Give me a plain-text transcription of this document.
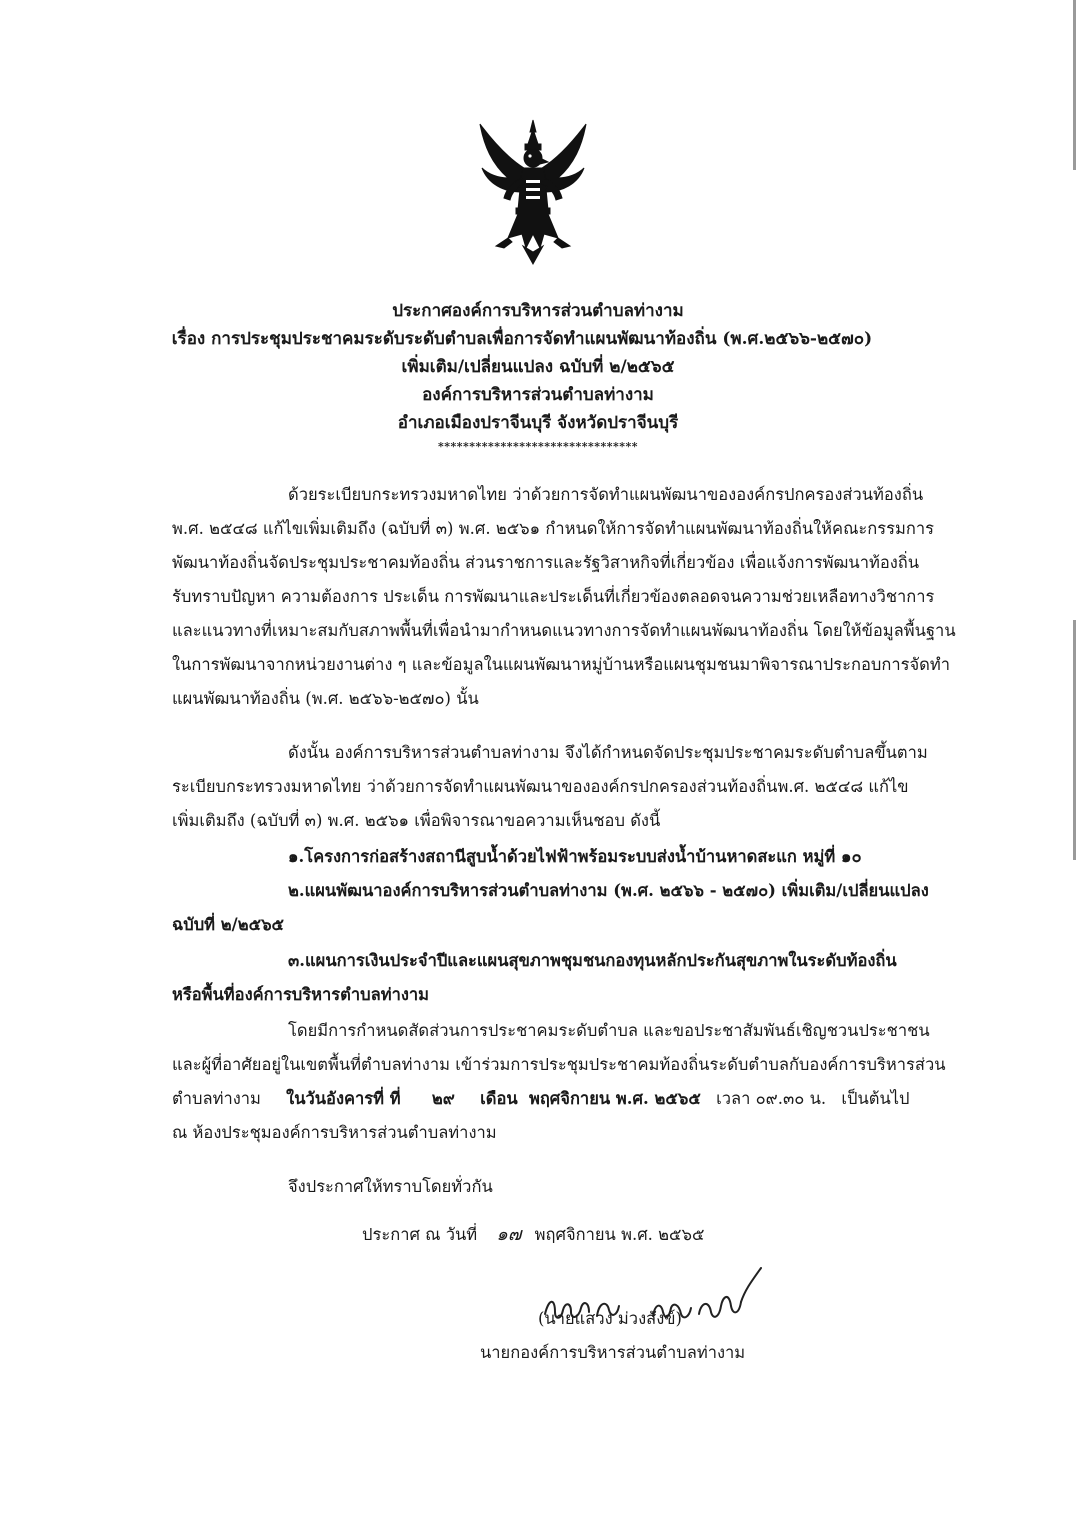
ประกาศองค์การบริหารส่วนตำบลท่างาม
เรื่อง การประชุมประชาคมระดับระดับตำบลเพื่อการจัดทำแผนพัฒนาท้องถิ่น (พ.ศ.๒๕๖๖-๒๕๗๐)
เพิ่มเติม/เปลี่ยนแปลง ฉบับที่ ๒/๒๕๖๕
องค์การบริหารส่วนตำบลท่างาม
อำเภอเมืองปราจีนบุรี จังหวัดปราจีนบุรี
********************************
ด้วยระเบียบกระทรวงมหาดไทย ว่าด้วยการจัดทำแผนพัฒนาขององค์กรปกครองส่วนท้องถิ่น
พ.ศ. ๒๕๔๘ แก้ไขเพิ่มเติมถึง (ฉบับที่ ๓) พ.ศ. ๒๕๖๑ กำหนดให้การจัดทำแผนพัฒนาท้องถิ่นให้คณะกรรมการ
พัฒนาท้องถิ่นจัดประชุมประชาคมท้องถิ่น ส่วนราชการและรัฐวิสาหกิจที่เกี่ยวข้อง เพื่อแจ้งการพัฒนาท้องถิ่น
รับทราบปัญหา ความต้องการ ประเด็น การพัฒนาและประเด็นที่เกี่ยวข้องตลอดจนความช่วยเหลือทางวิชาการ
และแนวทางที่เหมาะสมกับสภาพพื้นที่เพื่อนำมากำหนดแนวทางการจัดทำแผนพัฒนาท้องถิ่น โดยให้ข้อมูลพื้นฐาน
ในการพัฒนาจากหน่วยงานต่าง ๆ และข้อมูลในแผนพัฒนาหมู่บ้านหรือแผนชุมชนมาพิจารณาประกอบการจัดทำ
แผนพัฒนาท้องถิ่น (พ.ศ. ๒๕๖๖-๒๕๗๐) นั้น
ดังนั้น องค์การบริหารส่วนตำบลท่างาม จึงได้กำหนดจัดประชุมประชาคมระดับตำบลขึ้นตาม
ระเบียบกระทรวงมหาดไทย ว่าด้วยการจัดทำแผนพัฒนาขององค์กรปกครองส่วนท้องถิ่นพ.ศ. ๒๕๔๘ แก้ไข
เพิ่มเติมถึง (ฉบับที่ ๓) พ.ศ. ๒๕๖๑ เพื่อพิจารณาขอความเห็นชอบ ดังนี้
๑.โครงการก่อสร้างสถานีสูบน้ำด้วยไฟฟ้าพร้อมระบบส่งน้ำบ้านหาดสะแก หมู่ที่ ๑๐
๒.แผนพัฒนาองค์การบริหารส่วนตำบลท่างาม (พ.ศ. ๒๕๖๖ - ๒๕๗๐) เพิ่มเติม/เปลี่ยนแปลง
ฉบับที่ ๒/๒๕๖๕
๓.แผนการเงินประจำปีและแผนสุขภาพชุมชนกองทุนหลักประกันสุขภาพในระดับท้องถิ่น
หรือพื้นที่องค์การบริหารตำบลท่างาม
โดยมีการกำหนดสัดส่วนการประชาคมระดับตำบล และขอประชาสัมพันธ์เชิญชวนประชาชน
และผู้ที่อาศัยอยู่ในเขตพื้นที่ตำบลท่างาม เข้าร่วมการประชุมประชาคมท้องถิ่นระดับตำบลกับองค์การบริหารส่วน
ตำบลท่างาม ในวันอังคารที่ ที่ ๒๙ เดือน พฤศจิกายน พ.ศ. ๒๕๖๕ เวลา ๐๙.๓๐ น. เป็นต้นไป
ณ ห้องประชุมองค์การบริหารส่วนตำบลท่างาม
จึงประกาศให้ทราบโดยทั่วกัน
ประกาศ ณ วันที่ ๑๗ พฤศจิกายน พ.ศ. ๒๕๖๕
(นายแสวง ม่วงสังข์)
นายกองค์การบริหารส่วนตำบลท่างาม
